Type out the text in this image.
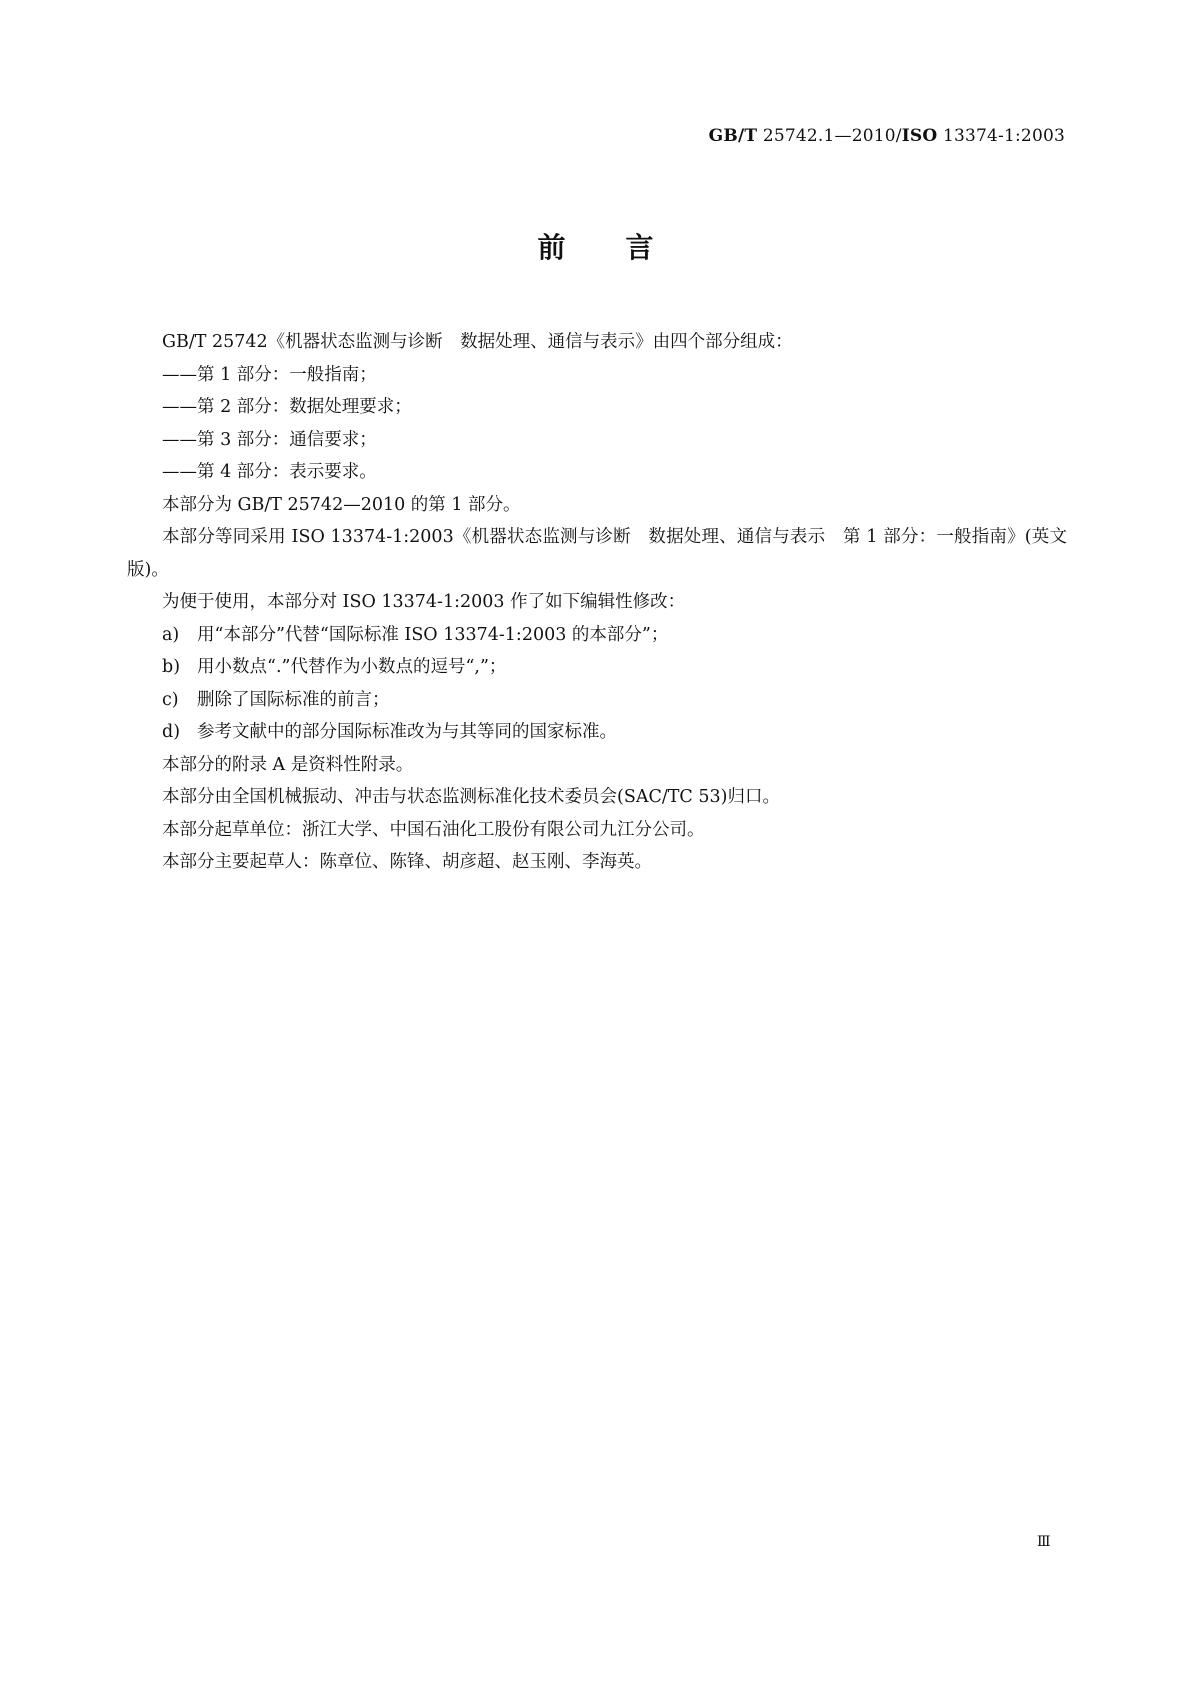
GB/T 25742.1—2010/ISO 13374-1:2003
前言

GB/T 25742《机器状态监测与诊断　数据处理、通信与表示》由四个部分组成：

——第 1 部分：一般指南；

——第 2 部分：数据处理要求；

——第 3 部分：通信要求；

——第 4 部分：表示要求。

本部分为 GB/T 25742—2010 的第 1 部分。

本部分等同采用 ISO 13374-1:2003《机器状态监测与诊断　数据处理、通信与表示　第 1 部分：一般指南》(英文版)。

为便于使用，本部分对 ISO 13374-1:2003 作了如下编辑性修改：

a) 用“本部分”代替“国际标准 ISO 13374-1:2003 的本部分”；

b) 用小数点“.”代替作为小数点的逗号“,”；

c) 删除了国际标准的前言；

d) 参考文献中的部分国际标准改为与其等同的国家标准。

本部分的附录 A 是资料性附录。

本部分由全国机械振动、冲击与状态监测标准化技术委员会(SAC/TC 53)归口。

本部分起草单位：浙江大学、中国石油化工股份有限公司九江分公司。

本部分主要起草人：陈章位、陈锋、胡彦超、赵玉刚、李海英。

Ⅲ
